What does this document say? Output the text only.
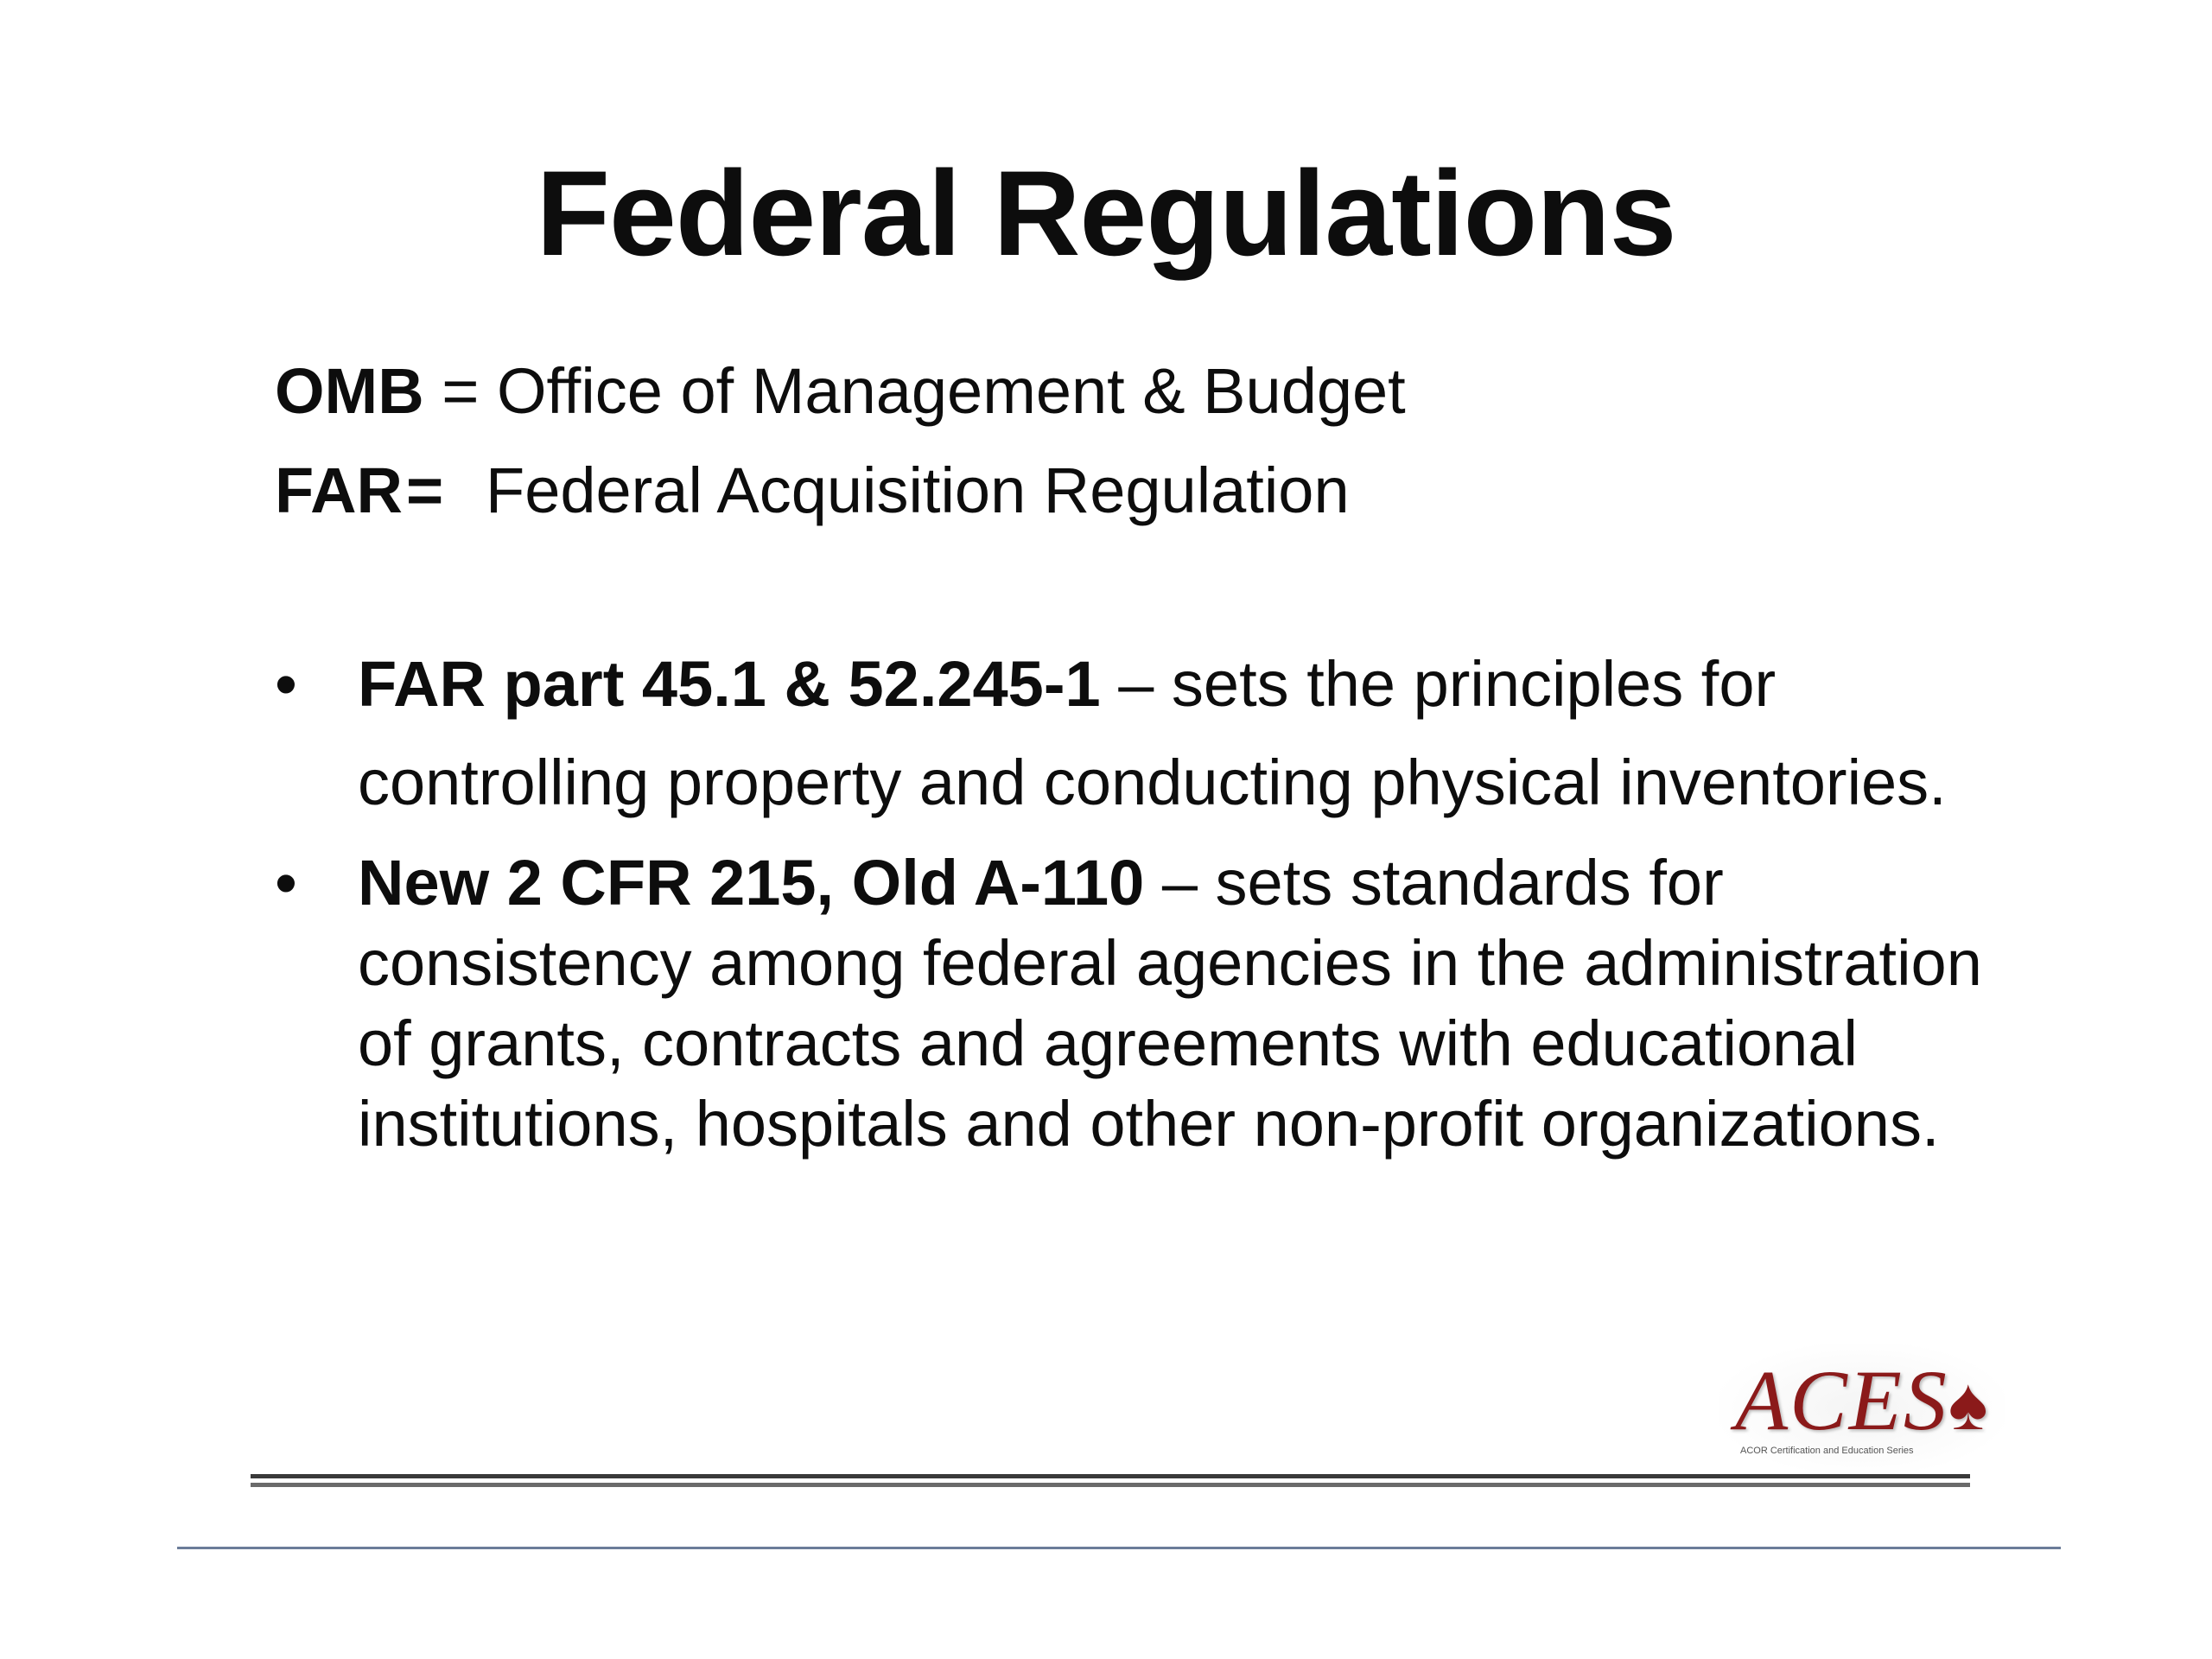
Federal Regulations
OMB = Office of Management & Budget
FAR= Federal Acquisition Regulation
• FAR part 45.1 & 52.245-1 – sets the principles for controlling property and conducting physical inventories.
• New 2 CFR 215, Old A-110 – sets standards for consistency among federal agencies in the administration of grants, contracts and agreements with educational institutions, hospitals and other non-profit organizations.
ACES♠
ACOR Certification and Education Series
